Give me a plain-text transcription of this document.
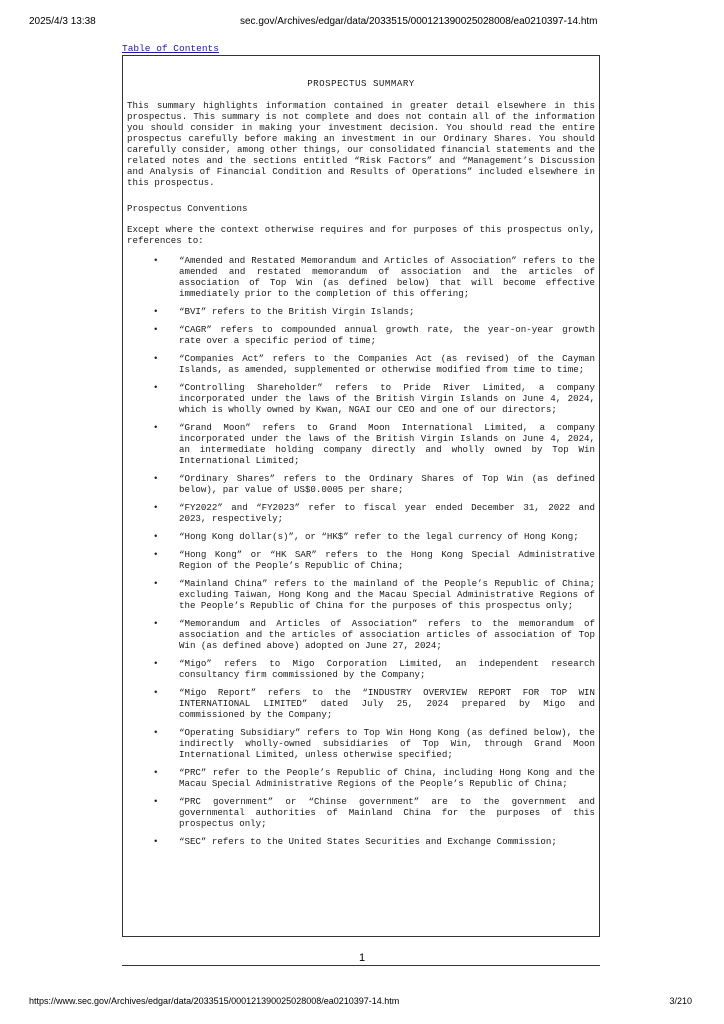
2025/4/3 13:38	sec.gov/Archives/edgar/data/2033515/000121390025028008/ea0210397-14.htm
Table of Contents

PROSPECTUS SUMMARY

This summary highlights information contained in greater detail elsewhere in this prospectus. This summary is not complete and does not contain all of the information you should consider in making your investment decision. You should read the entire prospectus carefully before making an investment in our Ordinary Shares. You should carefully consider, among other things, our consolidated financial statements and the related notes and the sections entitled “Risk Factors” and “Management’s Discussion and Analysis of Financial Condition and Results of Operations” included elsewhere in this prospectus.

Prospectus Conventions

Except where the context otherwise requires and for purposes of this prospectus only, references to:

• “Amended and Restated Memorandum and Articles of Association” refers to the amended and restated memorandum of association and the articles of association of Top Win (as defined below) that will become effective immediately prior to the completion of this offering;
• “BVI” refers to the British Virgin Islands;
• “CAGR” refers to compounded annual growth rate, the year-on-year growth rate over a specific period of time;
• “Companies Act” refers to the Companies Act (as revised) of the Cayman Islands, as amended, supplemented or otherwise modified from time to time;
• “Controlling Shareholder” refers to Pride River Limited, a company incorporated under the laws of the British Virgin Islands on June 4, 2024, which is wholly owned by Kwan, NGAI our CEO and one of our directors;
• “Grand Moon” refers to Grand Moon International Limited, a company incorporated under the laws of the British Virgin Islands on June 4, 2024, an intermediate holding company directly and wholly owned by Top Win International Limited;
• “Ordinary Shares” refers to the Ordinary Shares of Top Win (as defined below), par value of US$0.0005 per share;
• “FY2022” and “FY2023” refer to fiscal year ended December 31, 2022 and 2023, respectively;
• “Hong Kong dollar(s)”, or “HK$” refer to the legal currency of Hong Kong;
• “Hong Kong” or “HK SAR” refers to the Hong Kong Special Administrative Region of the People’s Republic of China;
• “Mainland China” refers to the mainland of the People’s Republic of China; excluding Taiwan, Hong Kong and the Macau Special Administrative Regions of the People’s Republic of China for the purposes of this prospectus only;
• “Memorandum and Articles of Association” refers to the memorandum of association and the articles of association articles of association of Top Win (as defined above) adopted on June 27, 2024;
• “Migo” refers to Migo Corporation Limited, an independent research consultancy firm commissioned by the Company;
• “Migo Report” refers to the “INDUSTRY OVERVIEW REPORT FOR TOP WIN INTERNATIONAL LIMITED” dated July 25, 2024 prepared by Migo and commissioned by the Company;
• “Operating Subsidiary” refers to Top Win Hong Kong (as defined below), the indirectly wholly-owned subsidiaries of Top Win, through Grand Moon International Limited, unless otherwise specified;
• “PRC” refer to the People’s Republic of China, including Hong Kong and the Macau Special Administrative Regions of the People’s Republic of China;
• “PRC government” or “Chinse government” are to the government and governmental authorities of Mainland China for the purposes of this prospectus only;
• “SEC” refers to the United States Securities and Exchange Commission;
1
https://www.sec.gov/Archives/edgar/data/2033515/000121390025028008/ea0210397-14.htm	3/210
